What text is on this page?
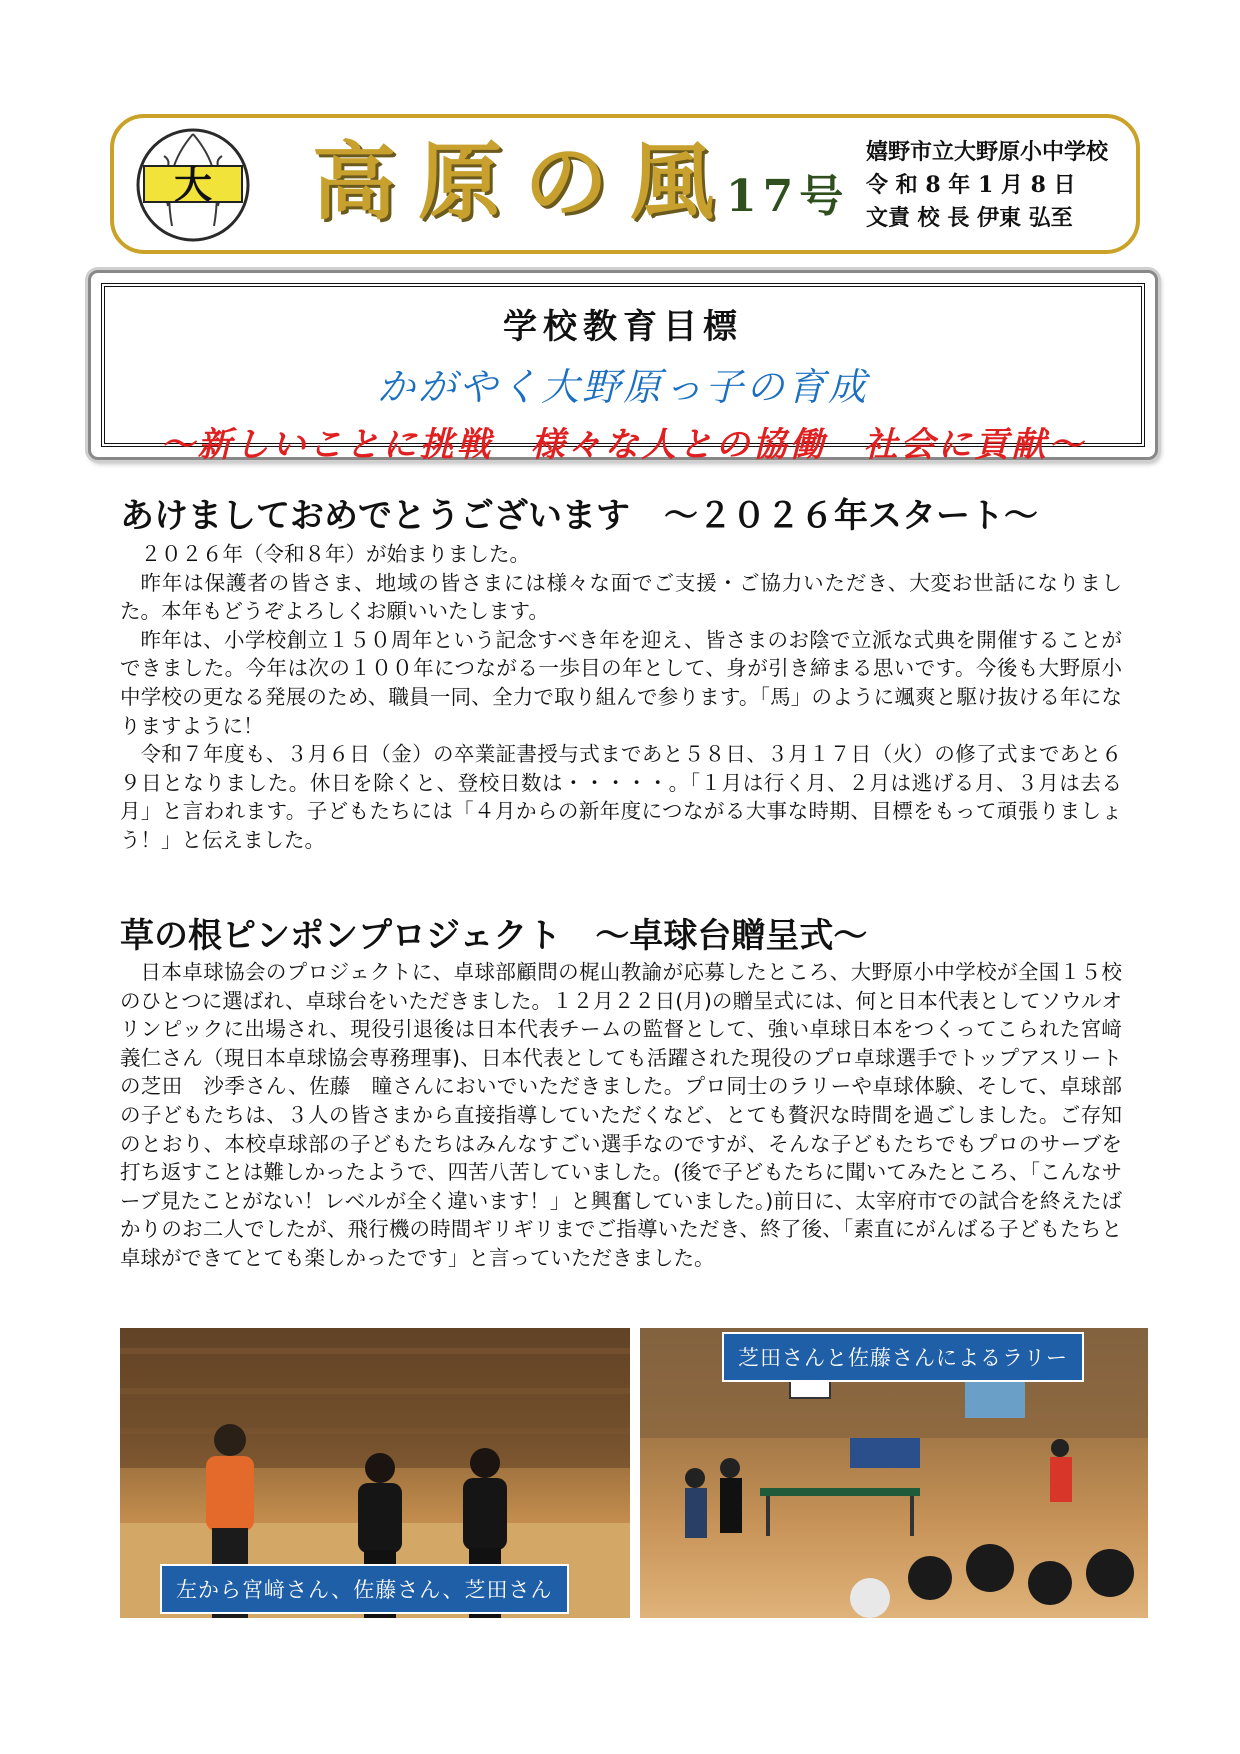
大 高原の風
17号
嬉野市立大野原小中学校
令 和 8 年 1 月 8 日
文責 校 長 伊東 弘至
学校教育目標
かがやく大野原っ子の育成
～新しいことに挑戦　様々な人との協働　社会に貢献～
あけましておめでとうございます　～２０２６年スタート～

２０２６年（令和８年）が始まりました。

昨年は保護者の皆さま、地域の皆さまには様々な面でご支援・ご協力いただき、大変お世話になりました。本年もどうぞよろしくお願いいたします。

昨年は、小学校創立１５０周年という記念すべき年を迎え、皆さまのお陰で立派な式典を開催することができました。今年は次の１００年につながる一歩目の年として、身が引き締まる思いです。今後も大野原小中学校の更なる発展のため、職員一同、全力で取り組んで参ります。「馬」のように颯爽と駆け抜ける年になりますように！

令和７年度も、３月６日（金）の卒業証書授与式まであと５８日、３月１７日（火）の修了式まであと６９日となりました。休日を除くと、登校日数は・・・・・。「１月は行く月、２月は逃げる月、３月は去る月」と言われます。子どもたちには「４月からの新年度につながる大事な時期、目標をもって頑張りましょう！」と伝えました。

草の根ピンポンプロジェクト　～卓球台贈呈式～

日本卓球協会のプロジェクトに、卓球部顧問の梶山教諭が応募したところ、大野原小中学校が全国１５校のひとつに選ばれ、卓球台をいただきました。１２月２２日(月)の贈呈式には、何と日本代表としてソウルオリンピックに出場され、現役引退後は日本代表チームの監督として、強い卓球日本をつくってこられた宮﨑　義仁さん（現日本卓球協会専務理事)、日本代表としても活躍された現役のプロ卓球選手でトップアスリートの芝田　沙季さん、佐藤　瞳さんにおいでいただきました。プロ同士のラリーや卓球体験、そして、卓球部の子どもたちは、３人の皆さまから直接指導していただくなど、とても贅沢な時間を過ごしました。ご存知のとおり、本校卓球部の子どもたちはみんなすごい選手なのですが、そんな子どもたちでもプロのサーブを打ち返すことは難しかったようで、四苦八苦していました。(後で子どもたちに聞いてみたところ、「こんなサーブ見たことがない！レベルが全く違います！」と興奮していました。)前日に、太宰府市での試合を終えたばかりのお二人でしたが、飛行機の時間ギリギリまでご指導いただき、終了後、「素直にがんばる子どもたちと卓球ができてとても楽しかったです」と言っていただきました。

左から宮﨑さん、佐藤さん、芝田さん
芝田さんと佐藤さんによるラリー
